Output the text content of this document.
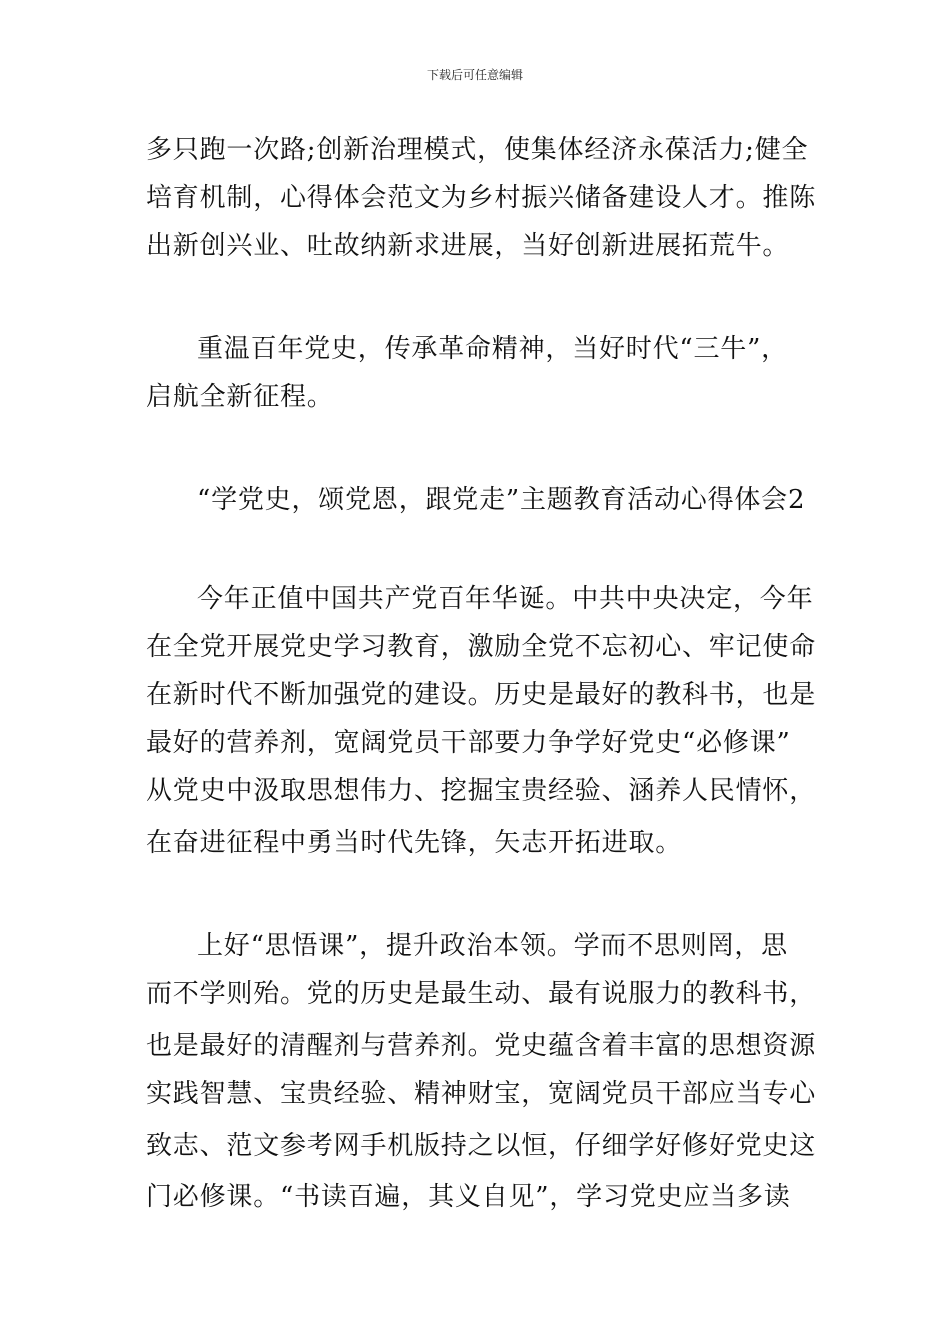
下载后可任意编辑
多只跑一次路;创新治理模式，使集体经济永葆活力;健全
培育机制，心得体会范文为乡村振兴储备建设人才。推陈
出新创兴业、吐故纳新求进展，当好创新进展拓荒牛。
重温百年党史，传承革命精神，当好时代“三牛”，
启航全新征程。
“学党史，颂党恩，跟党走”主题教育活动心得体会2
今年正值中国共产党百年华诞。中共中央决定，今年
在全党开展党史学习教育，激励全党不忘初心、牢记使命
在新时代不断加强党的建设。历史是最好的教科书，也是
最好的营养剂，宽阔党员干部要力争学好党史“必修课”
从党史中汲取思想伟力、挖掘宝贵经验、涵养人民情怀，
在奋进征程中勇当时代先锋，矢志开拓进取。
上好“思悟课”，提升政治本领。学而不思则罔，思
而不学则殆。党的历史是最生动、最有说服力的教科书，
也是最好的清醒剂与营养剂。党史蕴含着丰富的思想资源
实践智慧、宝贵经验、精神财宝，宽阔党员干部应当专心
致志、范文参考网手机版持之以恒，仔细学好修好党史这
门必修课。“书读百遍，其义自见”，学习党史应当多读
